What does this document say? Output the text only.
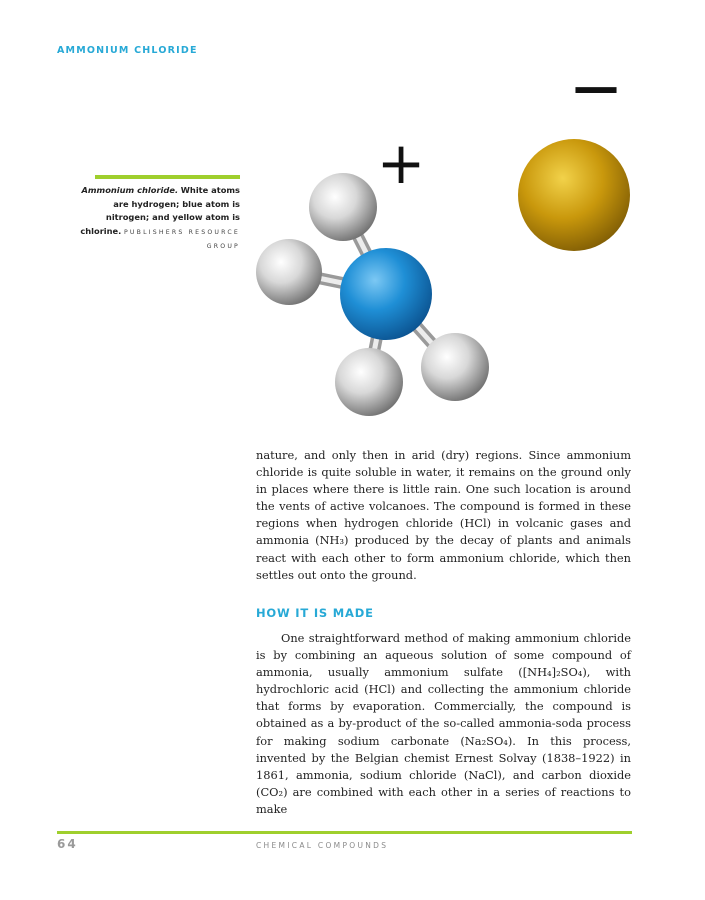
AMMONIUM CHLORIDE
+
—
Ammonium chloride. White atoms are hydrogen; blue atom is nitrogen; and yellow atom is chlorine. PUBLISHERS RESOURCE GROUP

nature, and only then in arid (dry) regions. Since ammonium chloride is quite soluble in water, it remains on the ground only in places where there is little rain. One such location is around the vents of active volcanoes. The compound is formed in these regions when hydrogen chloride (HCl) in volcanic gases and ammonia (NH₃) produced by the decay of plants and animals react with each other to form ammonium chloride, which then settles out onto the ground.

HOW IT IS MADE

One straightforward method of making ammonium chloride is by combining an aqueous solution of some compound of ammonia, usually ammonium sulfate ([NH₄]₂SO₄), with hydrochloric acid (HCl) and collecting the ammonium chloride that forms by evaporation. Commercially, the compound is obtained as a by-product of the so-called ammonia-soda process for making sodium carbonate (Na₂SO₄). In this process, invented by the Belgian chemist Ernest Solvay (1838–1922) in 1861, ammonia, sodium chloride (NaCl), and carbon dioxide (CO₂) are combined with each other in a series of reactions to make

64	CHEMICAL COMPOUNDS
